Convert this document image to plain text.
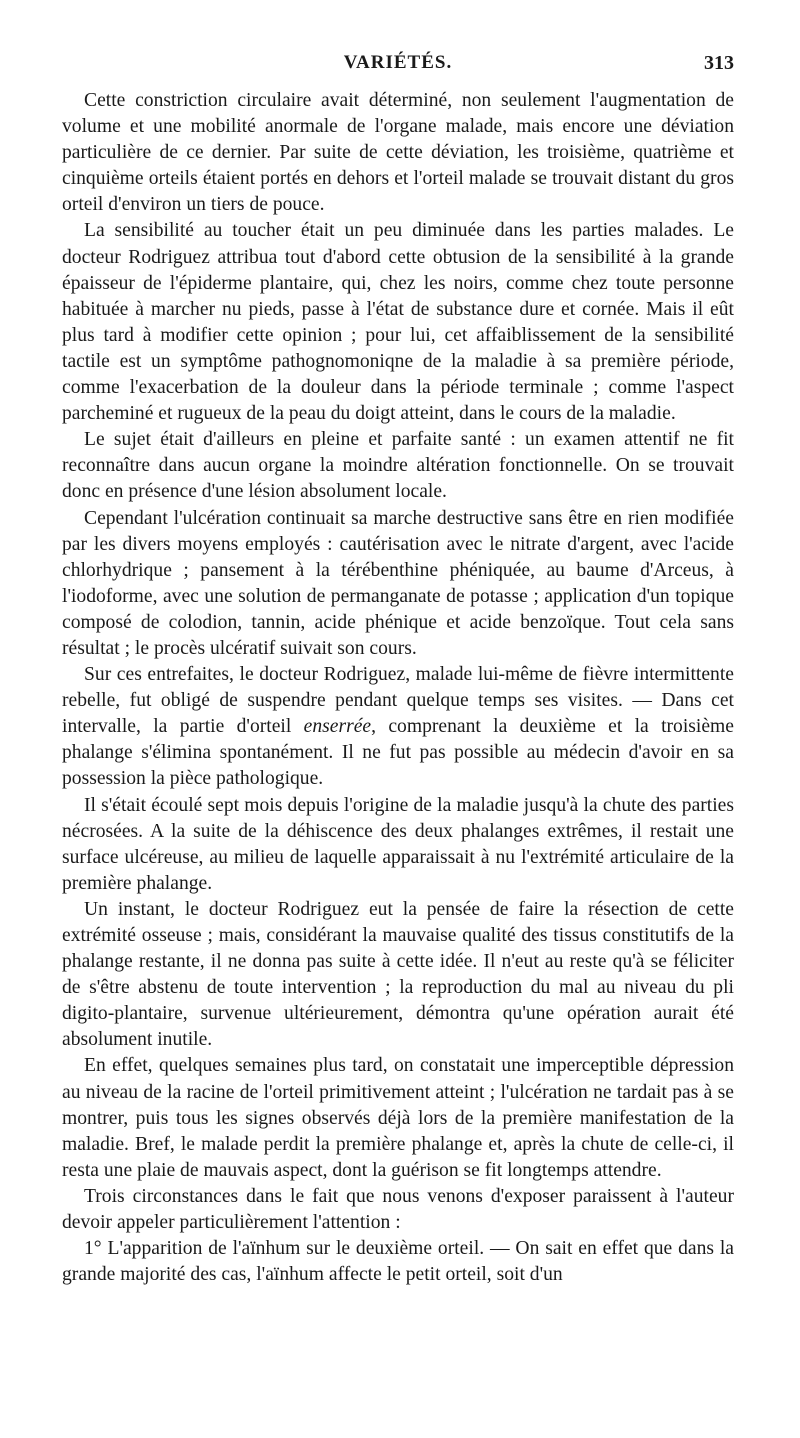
VARIÉTÉS.	313

Cette constriction circulaire avait déterminé, non seulement l'augmentation de volume et une mobilité anormale de l'organe malade, mais encore une déviation particulière de ce dernier. Par suite de cette déviation, les troisième, quatrième et cinquième orteils étaient portés en dehors et l'orteil malade se trouvait distant du gros orteil d'environ un tiers de pouce.

La sensibilité au toucher était un peu diminuée dans les parties malades. Le docteur Rodriguez attribua tout d'abord cette obtusion de la sensibilité à la grande épaisseur de l'épiderme plantaire, qui, chez les noirs, comme chez toute personne habituée à marcher nu pieds, passe à l'état de substance dure et cornée. Mais il eût plus tard à modifier cette opinion ; pour lui, cet affaiblissement de la sensibilité tactile est un symptôme pathognomoniqne de la maladie à sa première période, comme l'exacerbation de la douleur dans la période terminale ; comme l'aspect parcheminé et rugueux de la peau du doigt atteint, dans le cours de la maladie.

Le sujet était d'ailleurs en pleine et parfaite santé : un examen attentif ne fit reconnaître dans aucun organe la moindre altération fonctionnelle. On se trouvait donc en présence d'une lésion absolument locale.

Cependant l'ulcération continuait sa marche destructive sans être en rien modifiée par les divers moyens employés : cautérisation avec le nitrate d'argent, avec l'acide chlorhydrique ; pansement à la térébenthine phéniquée, au baume d'Arceus, à l'iodoforme, avec une solution de permanganate de potasse ; application d'un topique composé de colodion, tannin, acide phénique et acide benzoïque. Tout cela sans résultat ; le procès ulcératif suivait son cours.

Sur ces entrefaites, le docteur Rodriguez, malade lui-même de fièvre intermittente rebelle, fut obligé de suspendre pendant quelque temps ses visites. — Dans cet intervalle, la partie d'orteil enserrée, comprenant la deuxième et la troisième phalange s'élimina spontanément. Il ne fut pas possible au médecin d'avoir en sa possession la pièce pathologique.

Il s'était écoulé sept mois depuis l'origine de la maladie jusqu'à la chute des parties nécrosées. A la suite de la déhiscence des deux phalanges extrêmes, il restait une surface ulcéreuse, au milieu de laquelle apparaissait à nu l'extrémité articulaire de la première phalange.

Un instant, le docteur Rodriguez eut la pensée de faire la résection de cette extrémité osseuse ; mais, considérant la mauvaise qualité des tissus constitutifs de la phalange restante, il ne donna pas suite à cette idée. Il n'eut au reste qu'à se féliciter de s'être abstenu de toute intervention ; la reproduction du mal au niveau du pli digito-plantaire, survenue ultérieurement, démontra qu'une opération aurait été absolument inutile.

En effet, quelques semaines plus tard, on constatait une imperceptible dépression au niveau de la racine de l'orteil primitivement atteint ; l'ulcération ne tardait pas à se montrer, puis tous les signes observés déjà lors de la première manifestation de la maladie. Bref, le malade perdit la première phalange et, après la chute de celle-ci, il resta une plaie de mauvais aspect, dont la guérison se fit longtemps attendre.

Trois circonstances dans le fait que nous venons d'exposer paraissent à l'auteur devoir appeler particulièrement l'attention :

1° L'apparition de l'aïnhum sur le deuxième orteil. — On sait en effet que dans la grande majorité des cas, l'aïnhum affecte le petit orteil, soit d'un
